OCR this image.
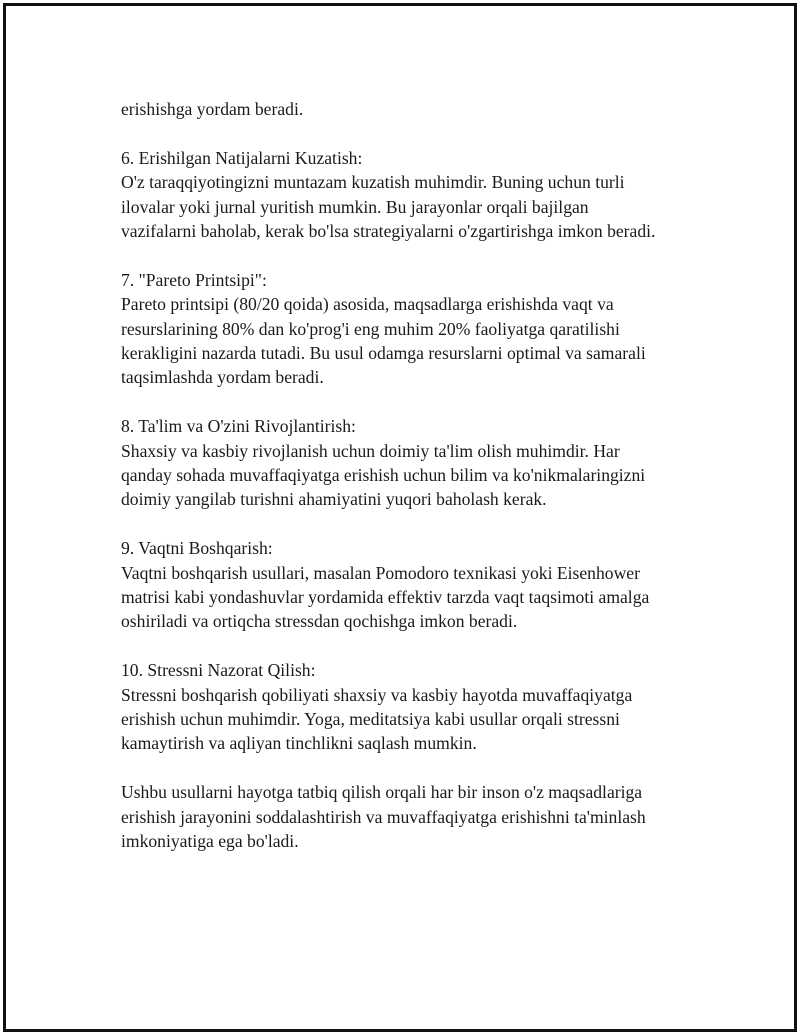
erishishga yordam beradi.

6. Erishilgan Natijalarni Kuzatish:

O'z taraqqiyotingizni muntazam kuzatish muhimdir. Buning uchun turli

ilovalar yoki jurnal yuritish mumkin. Bu jarayonlar orqali bajilgan

vazifalarni baholab, kerak bo'lsa strategiyalarni o'zgartirishga imkon beradi.

7. "Pareto Printsipi":

Pareto printsipi (80/20 qoida) asosida, maqsadlarga erishishda vaqt va

resurslarining 80% dan ko'prog'i eng muhim 20% faoliyatga qaratilishi

kerakligini nazarda tutadi. Bu usul odamga resurslarni optimal va samarali

taqsimlashda yordam beradi.

8. Ta'lim va O'zini Rivojlantirish:

Shaxsiy va kasbiy rivojlanish uchun doimiy ta'lim olish muhimdir. Har

qanday sohada muvaffaqiyatga erishish uchun bilim va ko'nikmalaringizni

doimiy yangilab turishni ahamiyatini yuqori baholash kerak.

9. Vaqtni Boshqarish:

Vaqtni boshqarish usullari, masalan Pomodoro texnikasi yoki Eisenhower

matrisi kabi yondashuvlar yordamida effektiv tarzda vaqt taqsimoti amalga

oshiriladi va ortiqcha stressdan qochishga imkon beradi.

10. Stressni Nazorat Qilish:

Stressni boshqarish qobiliyati shaxsiy va kasbiy hayotda muvaffaqiyatga

erishish uchun muhimdir. Yoga, meditatsiya kabi usullar orqali stressni

kamaytirish va aqliyan tinchlikni saqlash mumkin.

Ushbu usullarni hayotga tatbiq qilish orqali har bir inson o'z maqsadlariga

erishish jarayonini soddalashtirish va muvaffaqiyatga erishishni ta'minlash

imkoniyatiga ega bo'ladi.
